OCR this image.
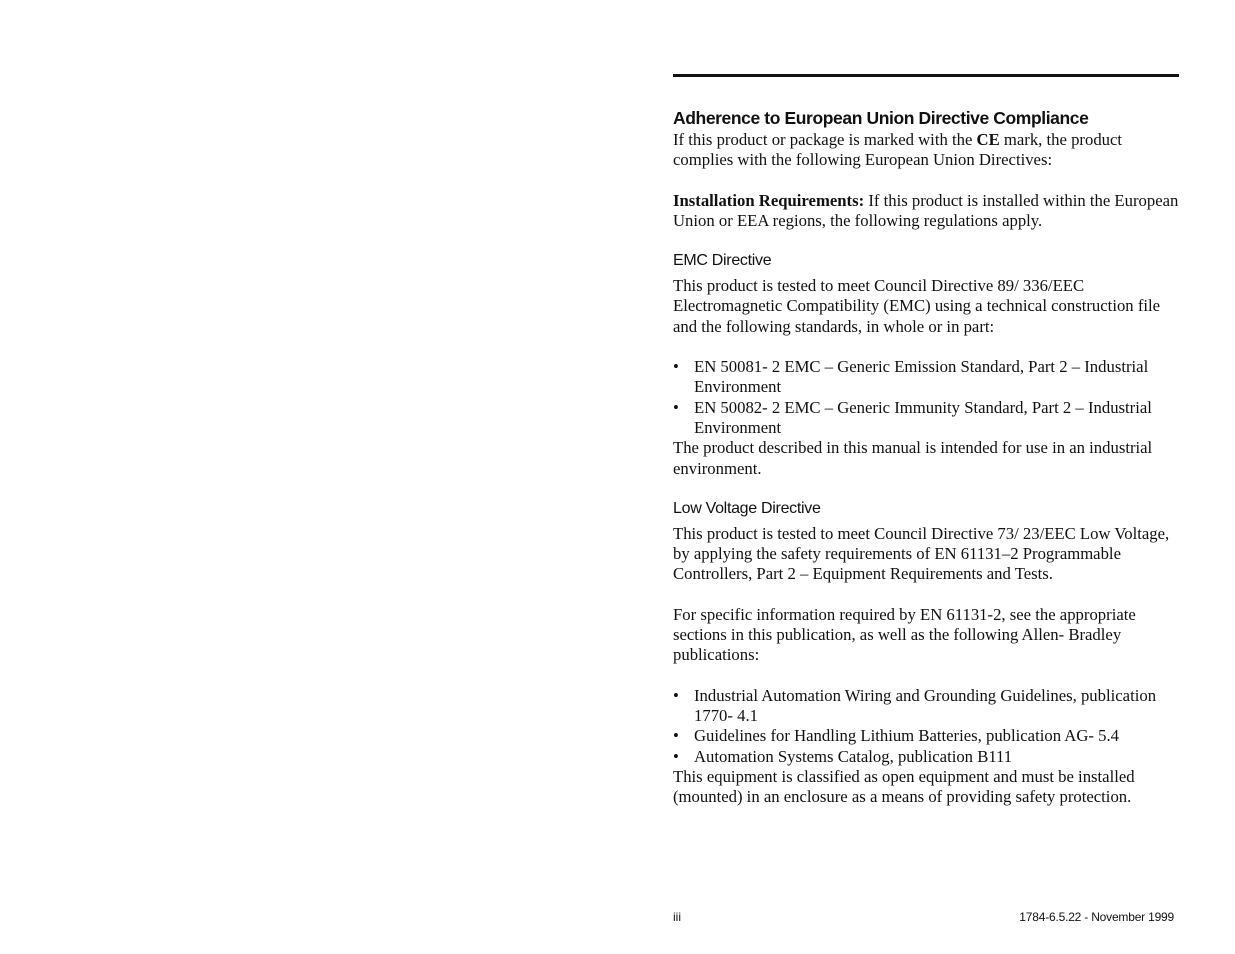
Adherence to European Union Directive Compliance

If this product or package is marked with the CE mark, the product complies with the following European Union Directives:

Installation Requirements: If this product is installed within the European Union or EEA regions, the following regulations apply.

EMC Directive

This product is tested to meet Council Directive 89/ 336/EEC Electromagnetic Compatibility (EMC) using a technical construction file and the following standards, in whole or in part:

• EN 50081- 2 EMC – Generic Emission Standard, Part 2 – Industrial Environment
• EN 50082- 2 EMC – Generic Immunity Standard, Part 2 – Industrial Environment

The product described in this manual is intended for use in an industrial environment.

Low Voltage Directive

This product is tested to meet Council Directive 73/ 23/EEC Low Voltage, by applying the safety requirements of EN 61131–2 Programmable Controllers, Part 2 – Equipment Requirements and Tests.

For specific information required by EN 61131-2, see the appropriate sections in this publication, as well as the following Allen- Bradley publications:

• Industrial Automation Wiring and Grounding Guidelines, publication 1770- 4.1
• Guidelines for Handling Lithium Batteries, publication AG- 5.4
• Automation Systems Catalog, publication B111

This equipment is classified as open equipment and must be installed (mounted) in an enclosure as a means of providing safety protection.

iii	1784-6.5.22 - November 1999
